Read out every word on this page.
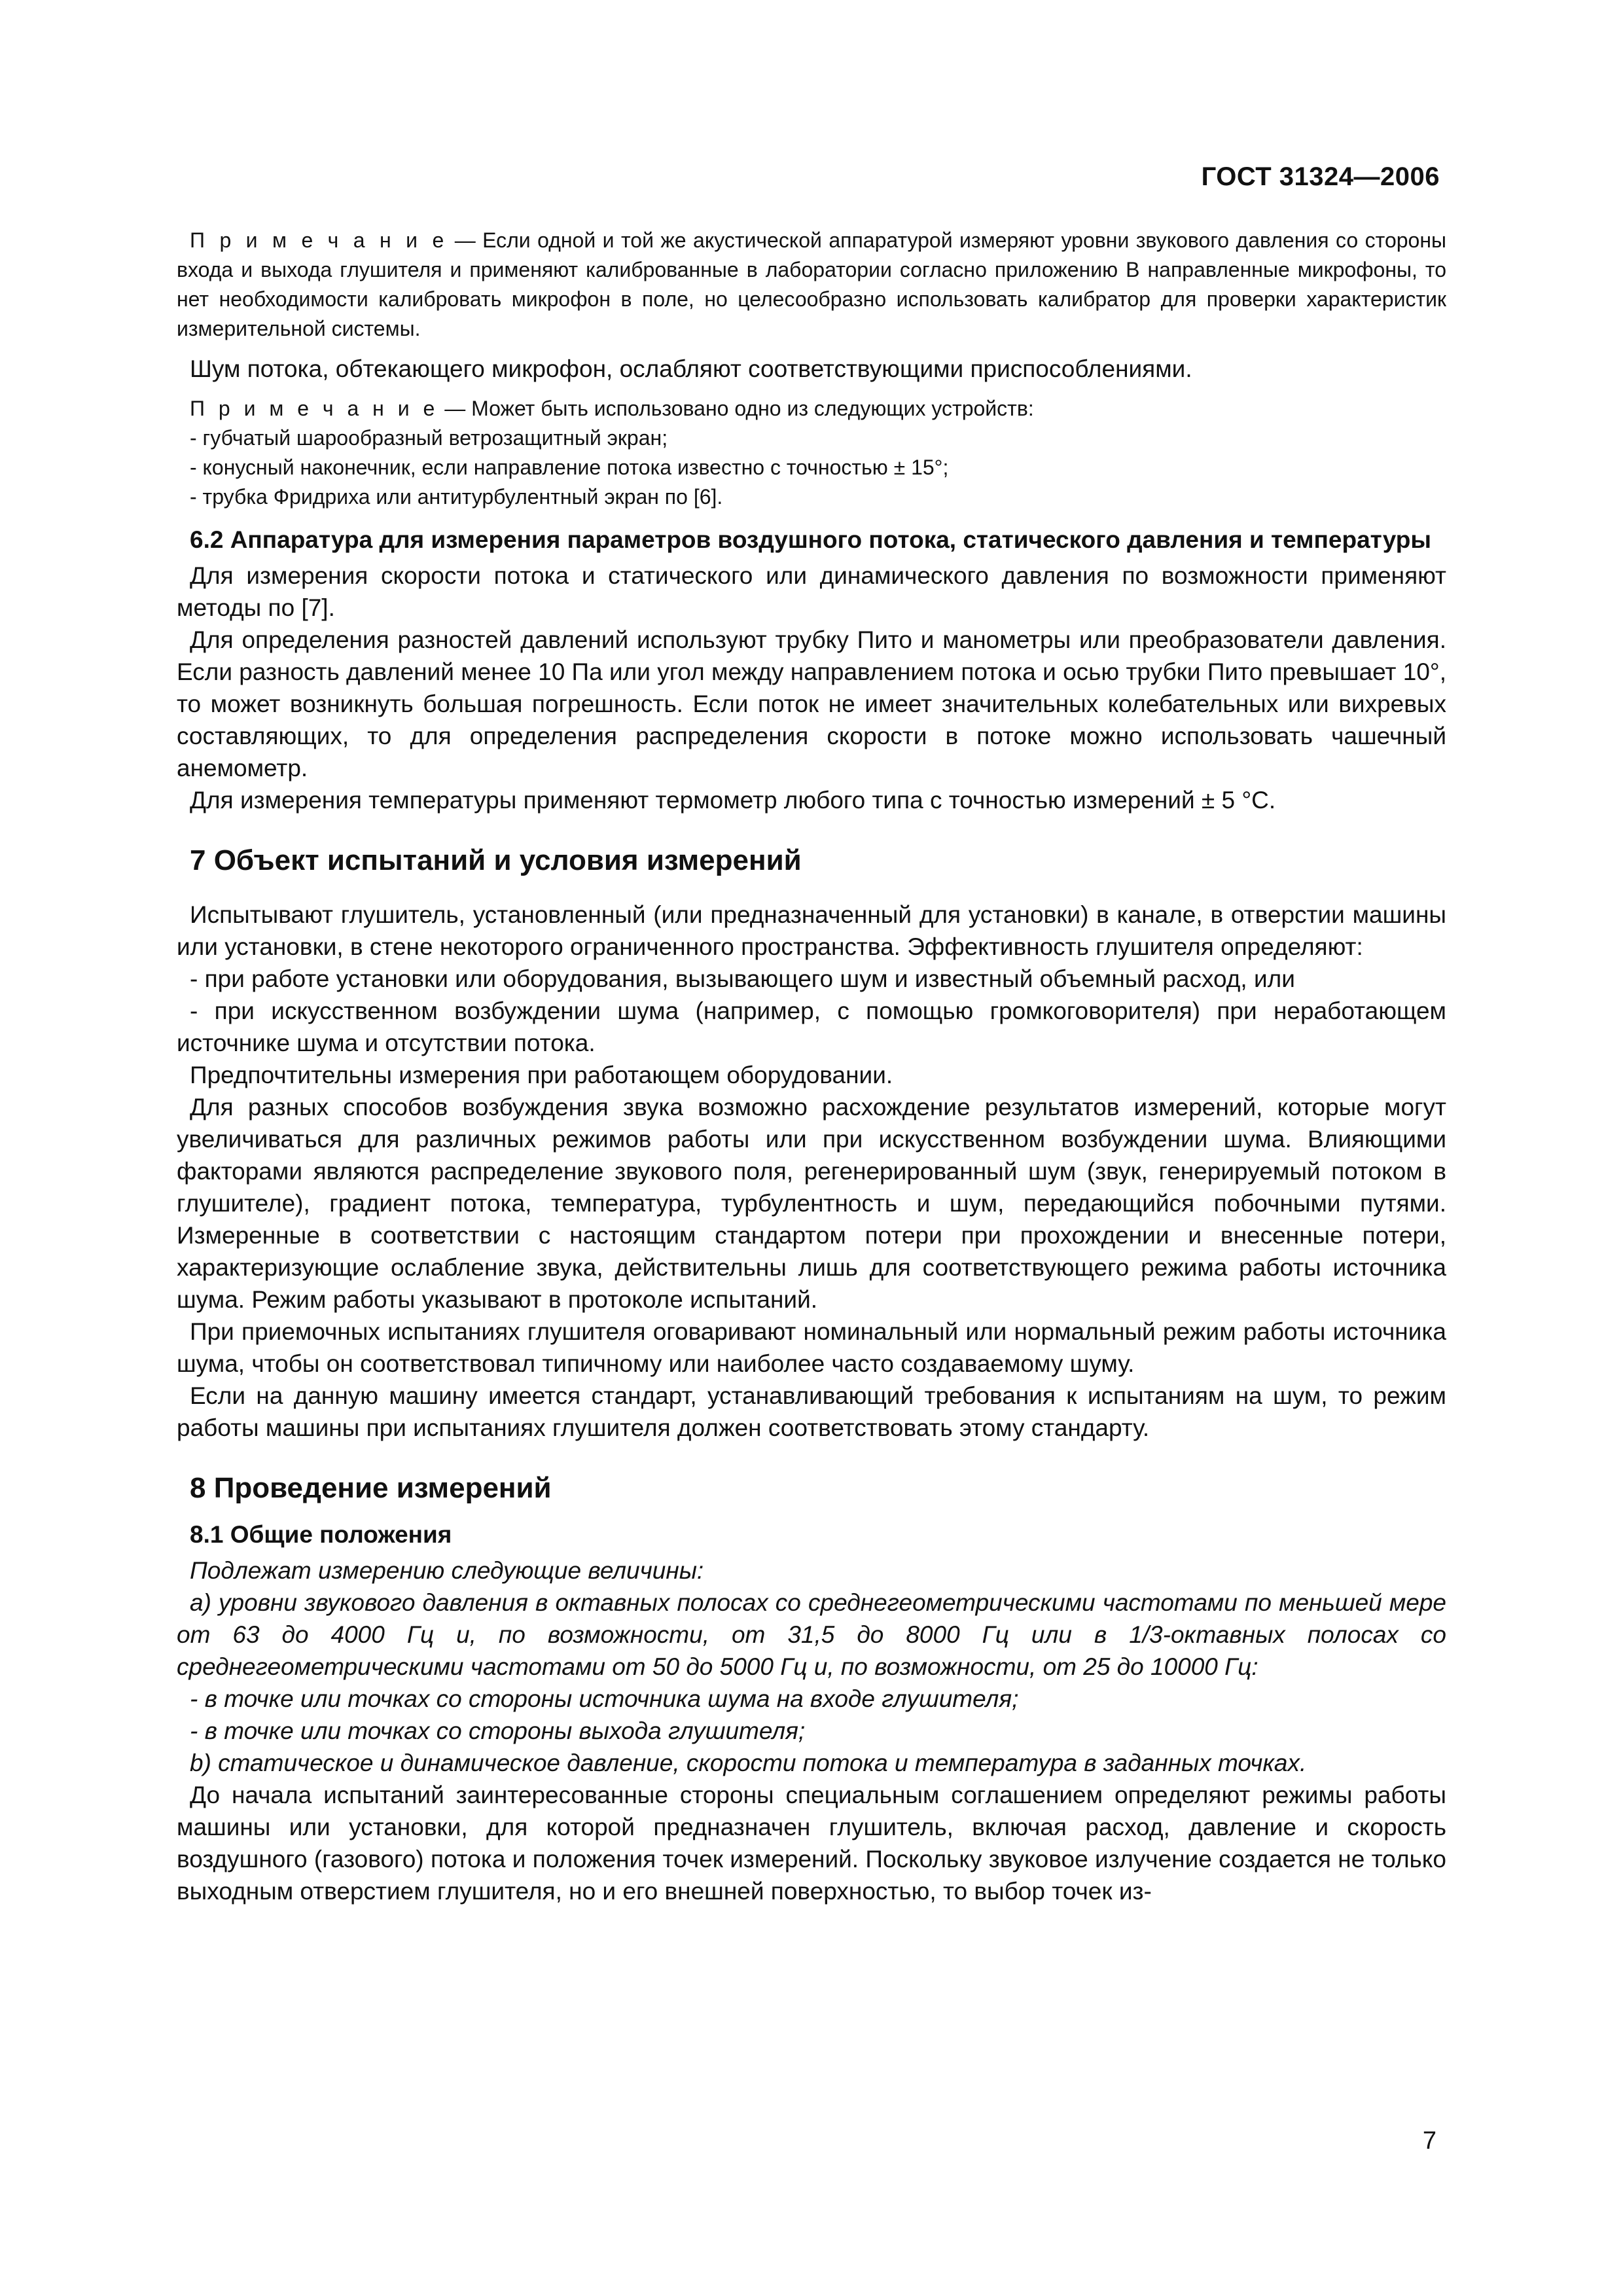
ГОСТ 31324—2006

П р и м е ч а н и е — Если одной и той же акустической аппаратурой измеряют уровни звукового давления со стороны входа и выхода глушителя и применяют калиброванные в лаборатории согласно приложению В направленные микрофоны, то нет необходимости калибровать микрофон в поле, но целесообразно использовать калибратор для проверки характеристик измерительной системы.

Шум потока, обтекающего микрофон, ослабляют соответствующими приспособлениями.

П р и м е ч а н и е — Может быть использовано одно из следующих устройств:

- губчатый шарообразный ветрозащитный экран;

- конусный наконечник, если направление потока известно с точностью ± 15°;

- трубка Фридриха или антитурбулентный экран по [6].

6.2 Аппаратура для измерения параметров воздушного потока, статического давления и температуры

Для измерения скорости потока и статического или динамического давления по возможности применяют методы по [7].

Для определения разностей давлений используют трубку Пито и манометры или преобразователи давления. Если разность давлений менее 10 Па или угол между направлением потока и осью трубки Пито превышает 10°, то может возникнуть большая погрешность. Если поток не имеет значительных колебательных или вихревых составляющих, то для определения распределения скорости в потоке можно использовать чашечный анемометр.

Для измерения температуры применяют термометр любого типа с точностью измерений ± 5 °С.

7 Объект испытаний и условия измерений

Испытывают глушитель, установленный (или предназначенный для установки) в канале, в отверстии машины или установки, в стене некоторого ограниченного пространства. Эффективность глушителя определяют:

- при работе установки или оборудования, вызывающего шум и известный объемный расход, или

- при искусственном возбуждении шума (например, с помощью громкоговорителя) при неработающем источнике шума и отсутствии потока.

Предпочтительны измерения при работающем оборудовании.

Для разных способов возбуждения звука возможно расхождение результатов измерений, которые могут увеличиваться для различных режимов работы или при искусственном возбуждении шума. Влияющими факторами являются распределение звукового поля, регенерированный шум (звук, генерируемый потоком в глушителе), градиент потока, температура, турбулентность и шум, передающийся побочными путями. Измеренные в соответствии с настоящим стандартом потери при прохождении и внесенные потери, характеризующие ослабление звука, действительны лишь для соответствующего режима работы источника шума. Режим работы указывают в протоколе испытаний.

При приемочных испытаниях глушителя оговаривают номинальный или нормальный режим работы источника шума, чтобы он соответствовал типичному или наиболее часто создаваемому шуму.

Если на данную машину имеется стандарт, устанавливающий требования к испытаниям на шум, то режим работы машины при испытаниях глушителя должен соответствовать этому стандарту.

8 Проведение измерений

8.1 Общие положения

Подлежат измерению следующие величины:

а) уровни звукового давления в октавных полосах со среднегеометрическими частотами по меньшей мере от 63 до 4000 Гц и, по возможности, от 31,5 до 8000 Гц или в 1/3-октавных полосах со среднегеометрическими частотами от 50 до 5000 Гц и, по возможности, от 25 до 10000 Гц:

- в точке или точках со стороны источника шума на входе глушителя;

- в точке или точках со стороны выхода глушителя;

b) статическое и динамическое давление, скорости потока и температура в заданных точках.

До начала испытаний заинтересованные стороны специальным соглашением определяют режимы работы машины или установки, для которой предназначен глушитель, включая расход, давление и скорость воздушного (газового) потока и положения точек измерений. Поскольку звуковое излучение создается не только выходным отверстием глушителя, но и его внешней поверхностью, то выбор точек из-

7
